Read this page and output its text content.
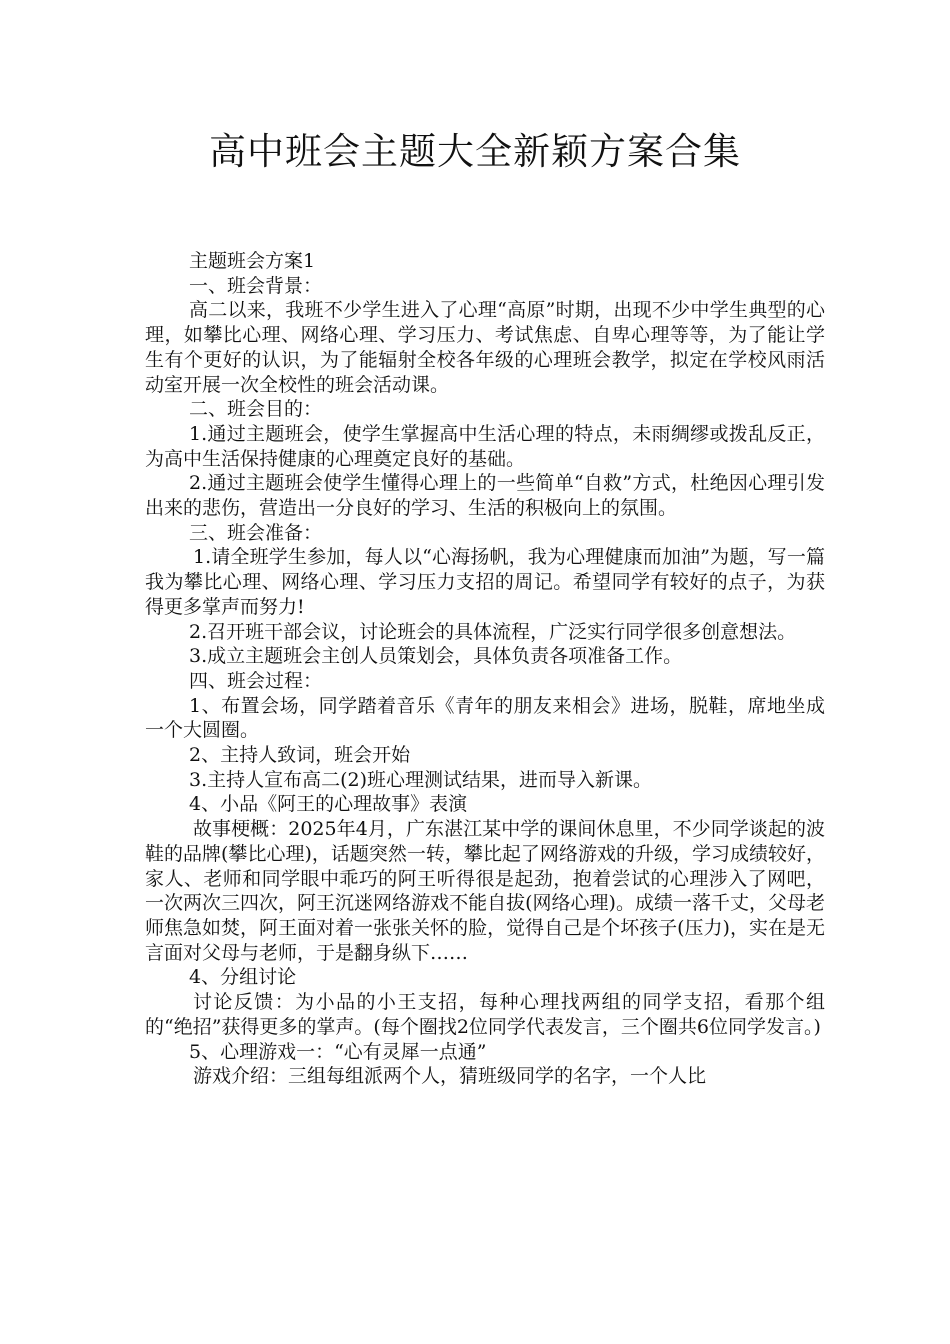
高中班会主题大全新颖方案合集

主题班会方案1

一、班会背景：

高二以来，我班不少学生进入了心理“高原”时期，出现不少中学生典型的心理，如攀比心理、网络心理、学习压力、考试焦虑、自卑心理等等，为了能让学生有个更好的认识，为了能辐射全校各年级的心理班会教学，拟定在学校风雨活动室开展一次全校性的班会活动课。

二、班会目的：

1.通过主题班会，使学生掌握高中生活心理的特点，未雨绸缪或拨乱反正，为高中生活保持健康的心理奠定良好的基础。

2.通过主题班会使学生懂得心理上的一些简单“自救”方式，杜绝因心理引发出来的悲伤，营造出一分良好的学习、生活的积极向上的氛围。

三、班会准备：

1.请全班学生参加，每人以“心海扬帆，我为心理健康而加油”为题，写一篇我为攀比心理、网络心理、学习压力支招的周记。希望同学有较好的点子，为获得更多掌声而努力!

2.召开班干部会议，讨论班会的具体流程，广泛实行同学很多创意想法。

3.成立主题班会主创人员策划会，具体负责各项准备工作。

四、班会过程：

1、布置会场，同学踏着音乐《青年的朋友来相会》进场，脱鞋，席地坐成一个大圆圈。

2、主持人致词，班会开始

3.主持人宣布高二(2)班心理测试结果，进而导入新课。

4、小品《阿王的心理故事》表演

故事梗概：2025年4月，广东湛江某中学的课间休息里，不少同学谈起的波鞋的品牌(攀比心理)，话题突然一转，攀比起了网络游戏的升级，学习成绩较好，家人、老师和同学眼中乖巧的阿王听得很是起劲，抱着尝试的心理涉入了网吧，一次两次三四次，阿王沉迷网络游戏不能自拔(网络心理)。成绩一落千丈，父母老师焦急如焚，阿王面对着一张张关怀的脸，觉得自己是个坏孩子(压力)，实在是无言面对父母与老师，于是翻身纵下……

4、分组讨论

讨论反馈：为小品的小王支招，每种心理找两组的同学支招，看那个组的“绝招”获得更多的掌声。(每个圈找2位同学代表发言，三个圈共6位同学发言。)

5、心理游戏一：“心有灵犀一点通”

游戏介绍：三组每组派两个人，猜班级同学的名字，一个人比
